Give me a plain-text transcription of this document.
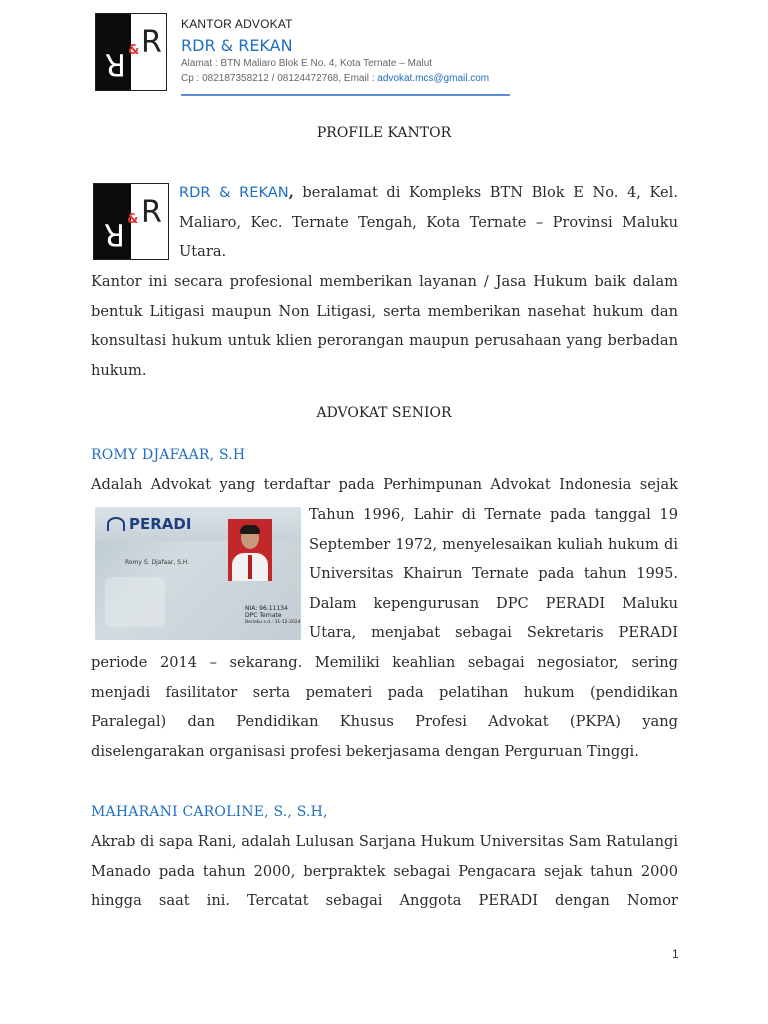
R & R
KANTOR ADVOKAT
RDR & REKAN
Alamat : BTN Maliaro Blok E No. 4, Kota Ternate – Malut
Cp : 082187358212 / 08124472768, Email : advokat.mcs@gmail.com
PROFILE KANTOR
R & R
RDR & REKAN, beralamat di Kompleks BTN Blok E No. 4, Kel. Maliaro, Kec. Ternate Tengah, Kota Ternate – Provinsi Maluku Utara.

Kantor ini secara profesional memberikan layanan / Jasa Hukum baik dalam bentuk Litigasi maupun Non Litigasi, serta memberikan nasehat hukum dan konsultasi hukum untuk klien perorangan maupun perusahaan yang berbadan hukum.

ADVOKAT SENIOR
ROMY DJAFAAR, S.H

Adalah Advokat yang terdaftar pada Perhimpunan Advokat Indonesia sejak

PERADI
Romy S. Djafaar, S.H.
NIA: 96.11134
DPC Ternate
Berlaku s.d.: 31-12-2024

Tahun 1996, Lahir di Ternate pada tanggal 19 September 1972, menyelesaikan kuliah hukum di Universitas Khairun Ternate pada tahun 1995. Dalam kepengurusan DPC PERADI Maluku Utara, menjabat sebagai Sekretaris PERADI

periode 2014 – sekarang. Memiliki keahlian sebagai negosiator, sering menjadi fasilitator serta pemateri pada pelatihan hukum (pendidikan Paralegal) dan Pendidikan Khusus Profesi Advokat (PKPA) yang diselengarakan organisasi profesi bekerjasama dengan Perguruan Tinggi.

MAHARANI CAROLINE, S., S.H,

Akrab di sapa Rani, adalah Lulusan Sarjana Hukum Universitas Sam Ratulangi Manado pada tahun 2000, berpraktek sebagai Pengacara sejak tahun 2000 hingga saat ini. Tercatat sebagai Anggota PERADI dengan Nomor

1
